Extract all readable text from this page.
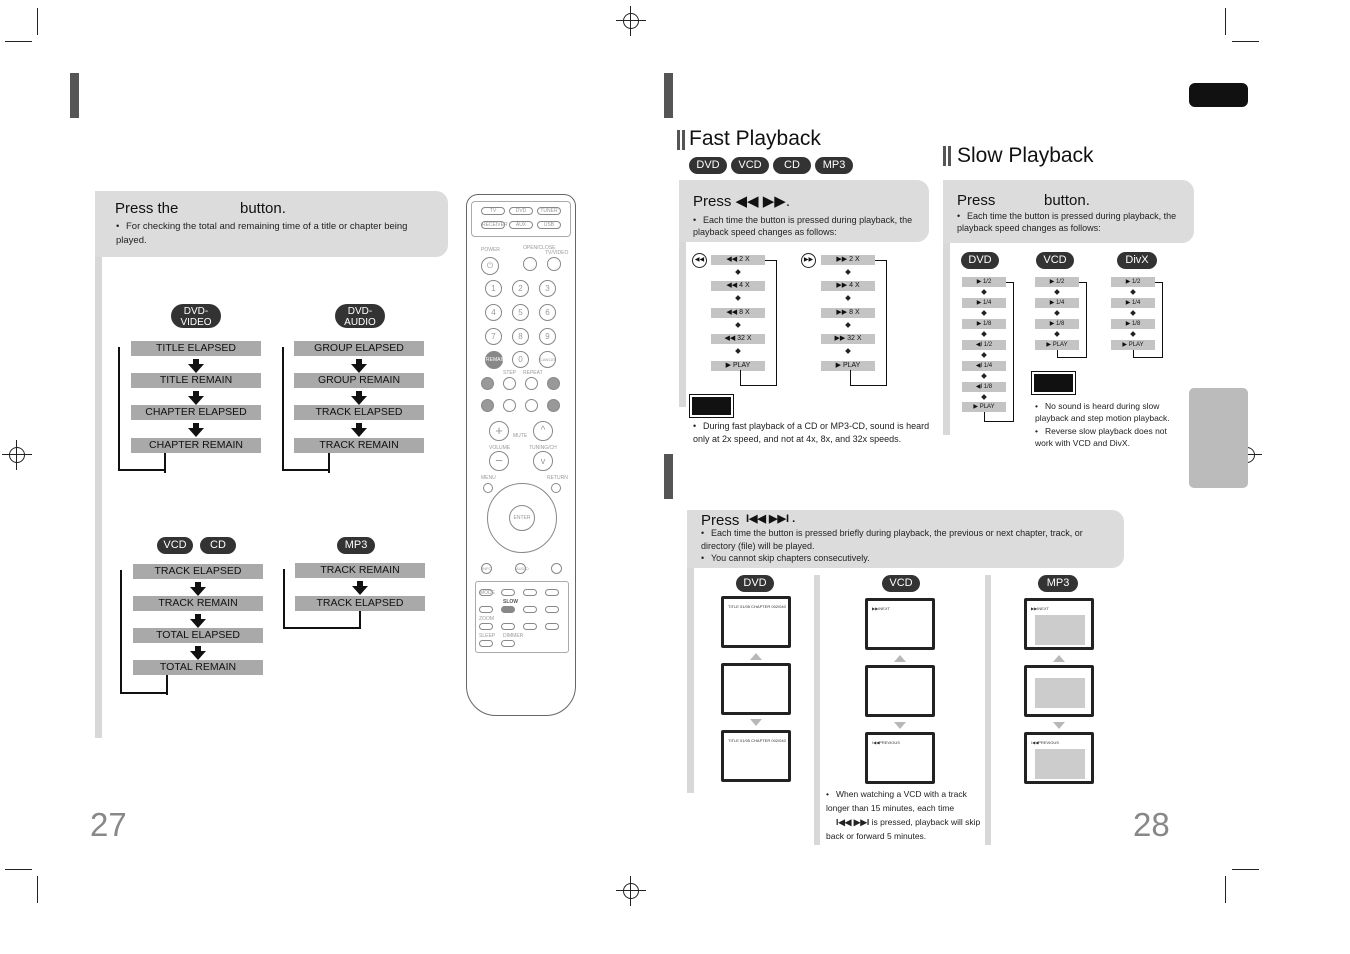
Press the	button.
• For checking the total and remaining time of a title or chapter being played.
DVD-VIDEO
TITLE ELAPSED
TITLE REMAIN
CHAPTER ELAPSED
CHAPTER REMAIN
DVD-AUDIO
GROUP ELAPSED
GROUP REMAIN
TRACK ELAPSED
TRACK REMAIN
VCD	CD
TRACK ELAPSED
TRACK REMAIN
TOTAL ELAPSED
TOTAL REMAIN
MP3
TRACK REMAIN
TRACK ELAPSED
27
TV	DVD	TUNER
RECEIVER	AUX	USB
POWER	OPEN/CLOSE
TV/VIDEO
⏻
1	2	3
4	5	6
7	8	9
REMAIN	0	CANCEL
STEP REPEAT
+	^
MUTE
VOLUME	TUNING/CH
−	v
MENU	RETURN
ENTER
INFO	AUDIO
MODE
SLOW
ZOOM
SLEEP DIMMER
Fast Playback
DVD	VCD	CD	MP3
Press ◀◀ ▶▶.
• Each time the button is pressed during playback, the playback speed changes as follows:
◀◀	◀◀ 2 X
◀◀ 4 X
◀◀ 8 X
◀◀ 32 X
▶ PLAY
▶▶	▶▶ 2 X
▶▶ 4 X
▶▶ 8 X
▶▶ 32 X
▶ PLAY
• During fast playback of a CD or MP3-CD, sound is heard only at 2x speed, and not at 4x, 8x, and 32x speeds.
Slow Playback
Press	button.
• Each time the button is pressed during playback, the playback speed changes as follows:
DVD	VCD	DivX
▶ 1/2
▶ 1/4
▶ 1/8
◀I 1/2
◀I 1/4
◀I 1/8
▶ PLAY
▶ 1/2
▶ 1/4
▶ 1/8
▶ PLAY
▶ 1/2
▶ 1/4
▶ 1/8
▶ PLAY
• No sound is heard during slow playback and step motion playback.
• Reverse slow playback does not work with VCD and DivX.
Press I◀◀ ▶▶I .
• Each time the button is pressed briefly during playback, the previous or next chapter, track, or directory (file) will be played.
• You cannot skip chapters consecutively.
DVD	VCD	MP3
TITLE 01/05 CHAPTER 002/040
TITLE 01/05 CHAPTER 002/040
▶▶INEXT
I◀◀PREVIOUS
• When watching a VCD with a track longer than 15 minutes, each time
I◀◀ ▶▶I is pressed, playback will skip back or forward 5 minutes.
▶▶INEXT
I◀◀PREVIOUS
28
